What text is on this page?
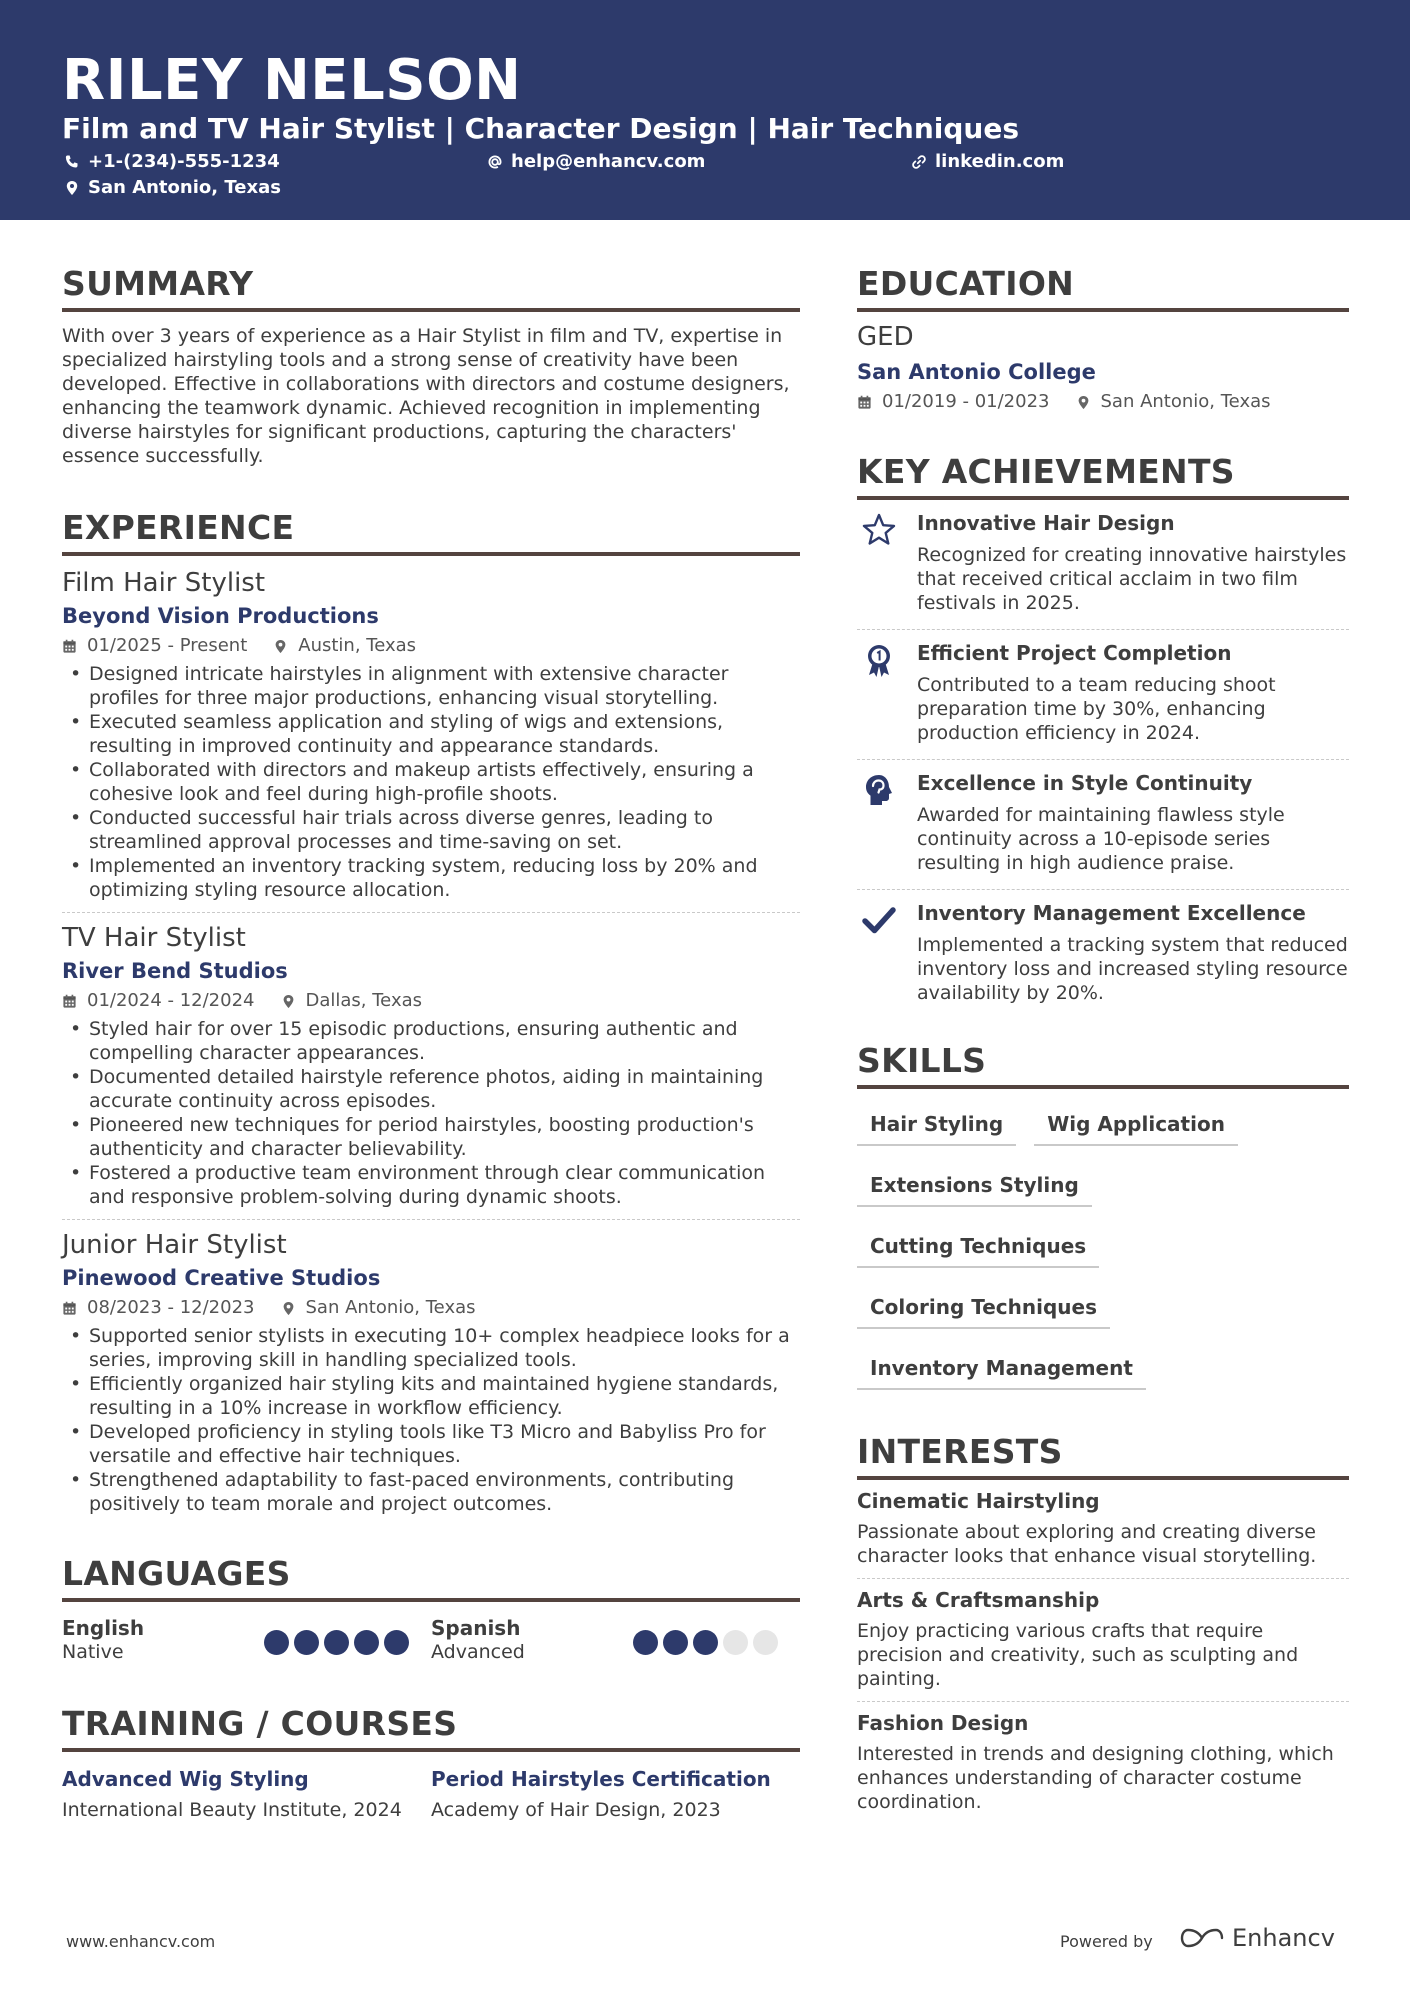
RILEY NELSON
Film and TV Hair Stylist | Character Design | Hair Techniques
+1-(234)-555-1234	help@enhancv.com	linkedin.com
San Antonio, Texas
SUMMARY

With over 3 years of experience as a Hair Stylist in film and TV, expertise in specialized hairstyling tools and a strong sense of creativity have been developed. Effective in collaborations with directors and costume designers, enhancing the teamwork dynamic. Achieved recognition in implementing diverse hairstyles for significant productions, capturing the characters' essence successfully.

EXPERIENCE
Film Hair Stylist
Beyond Vision Productions
01/2025 - Present	Austin, Texas
• Designed intricate hairstyles in alignment with extensive character profiles for three major productions, enhancing visual storytelling.
• Executed seamless application and styling of wigs and extensions, resulting in improved continuity and appearance standards.
• Collaborated with directors and makeup artists effectively, ensuring a cohesive look and feel during high-profile shoots.
• Conducted successful hair trials across diverse genres, leading to streamlined approval processes and time-saving on set.
• Implemented an inventory tracking system, reducing loss by 20% and optimizing styling resource allocation.
TV Hair Stylist
River Bend Studios
01/2024 - 12/2024	Dallas, Texas
• Styled hair for over 15 episodic productions, ensuring authentic and compelling character appearances.
• Documented detailed hairstyle reference photos, aiding in maintaining accurate continuity across episodes.
• Pioneered new techniques for period hairstyles, boosting production's authenticity and character believability.
• Fostered a productive team environment through clear communication and responsive problem-solving during dynamic shoots.
Junior Hair Stylist
Pinewood Creative Studios
08/2023 - 12/2023	San Antonio, Texas
• Supported senior stylists in executing 10+ complex headpiece looks for a series, improving skill in handling specialized tools.
• Efficiently organized hair styling kits and maintained hygiene standards, resulting in a 10% increase in workflow efficiency.
• Developed proficiency in styling tools like T3 Micro and Babyliss Pro for versatile and effective hair techniques.
• Strengthened adaptability to fast-paced environments, contributing positively to team morale and project outcomes.
LANGUAGES
English
Native
Spanish
Advanced
TRAINING / COURSES
Advanced Wig Styling
International Beauty Institute, 2024
Period Hairstyles Certification
Academy of Hair Design, 2023
EDUCATION
GED
San Antonio College
01/2019 - 01/2023	San Antonio, Texas
KEY ACHIEVEMENTS
Innovative Hair Design
Recognized for creating innovative hairstyles that received critical acclaim in two film festivals in 2025.
Efficient Project Completion
Contributed to a team reducing shoot preparation time by 30%, enhancing production efficiency in 2024.
Excellence in Style Continuity
Awarded for maintaining flawless style continuity across a 10-episode series resulting in high audience praise.
Inventory Management Excellence
Implemented a tracking system that reduced inventory loss and increased styling resource availability by 20%.
SKILLS
Hair Styling	Wig Application
Extensions Styling
Cutting Techniques
Coloring Techniques
Inventory Management
INTERESTS
Cinematic Hairstyling
Passionate about exploring and creating diverse character looks that enhance visual storytelling.
Arts & Craftsmanship
Enjoy practicing various crafts that require precision and creativity, such as sculpting and painting.
Fashion Design
Interested in trends and designing clothing, which enhances understanding of character costume coordination.
www.enhancv.com	Powered by	Enhancv
